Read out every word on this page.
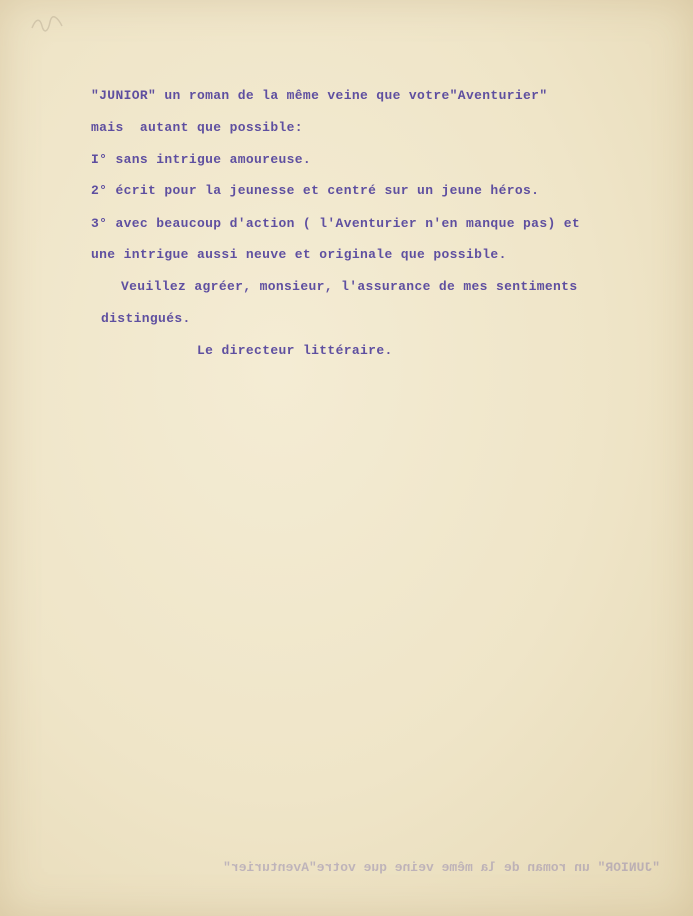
"JUNIOR" un roman de la même veine que votre"Aventurier"
mais  autant que possible:
I° sans intrigue amoureuse.
2° écrit pour la jeunesse et centré sur un jeune héros.
3° avec beaucoup d'action ( l'Aventurier n'en manque pas) et
une intrigue aussi neuve et originale que possible.
Veuillez agréer, monsieur, l'assurance de mes sentiments
distingués.
Le directeur littéraire.
"JUNIOR" un roman de la même veine que votre"Aventurier"
